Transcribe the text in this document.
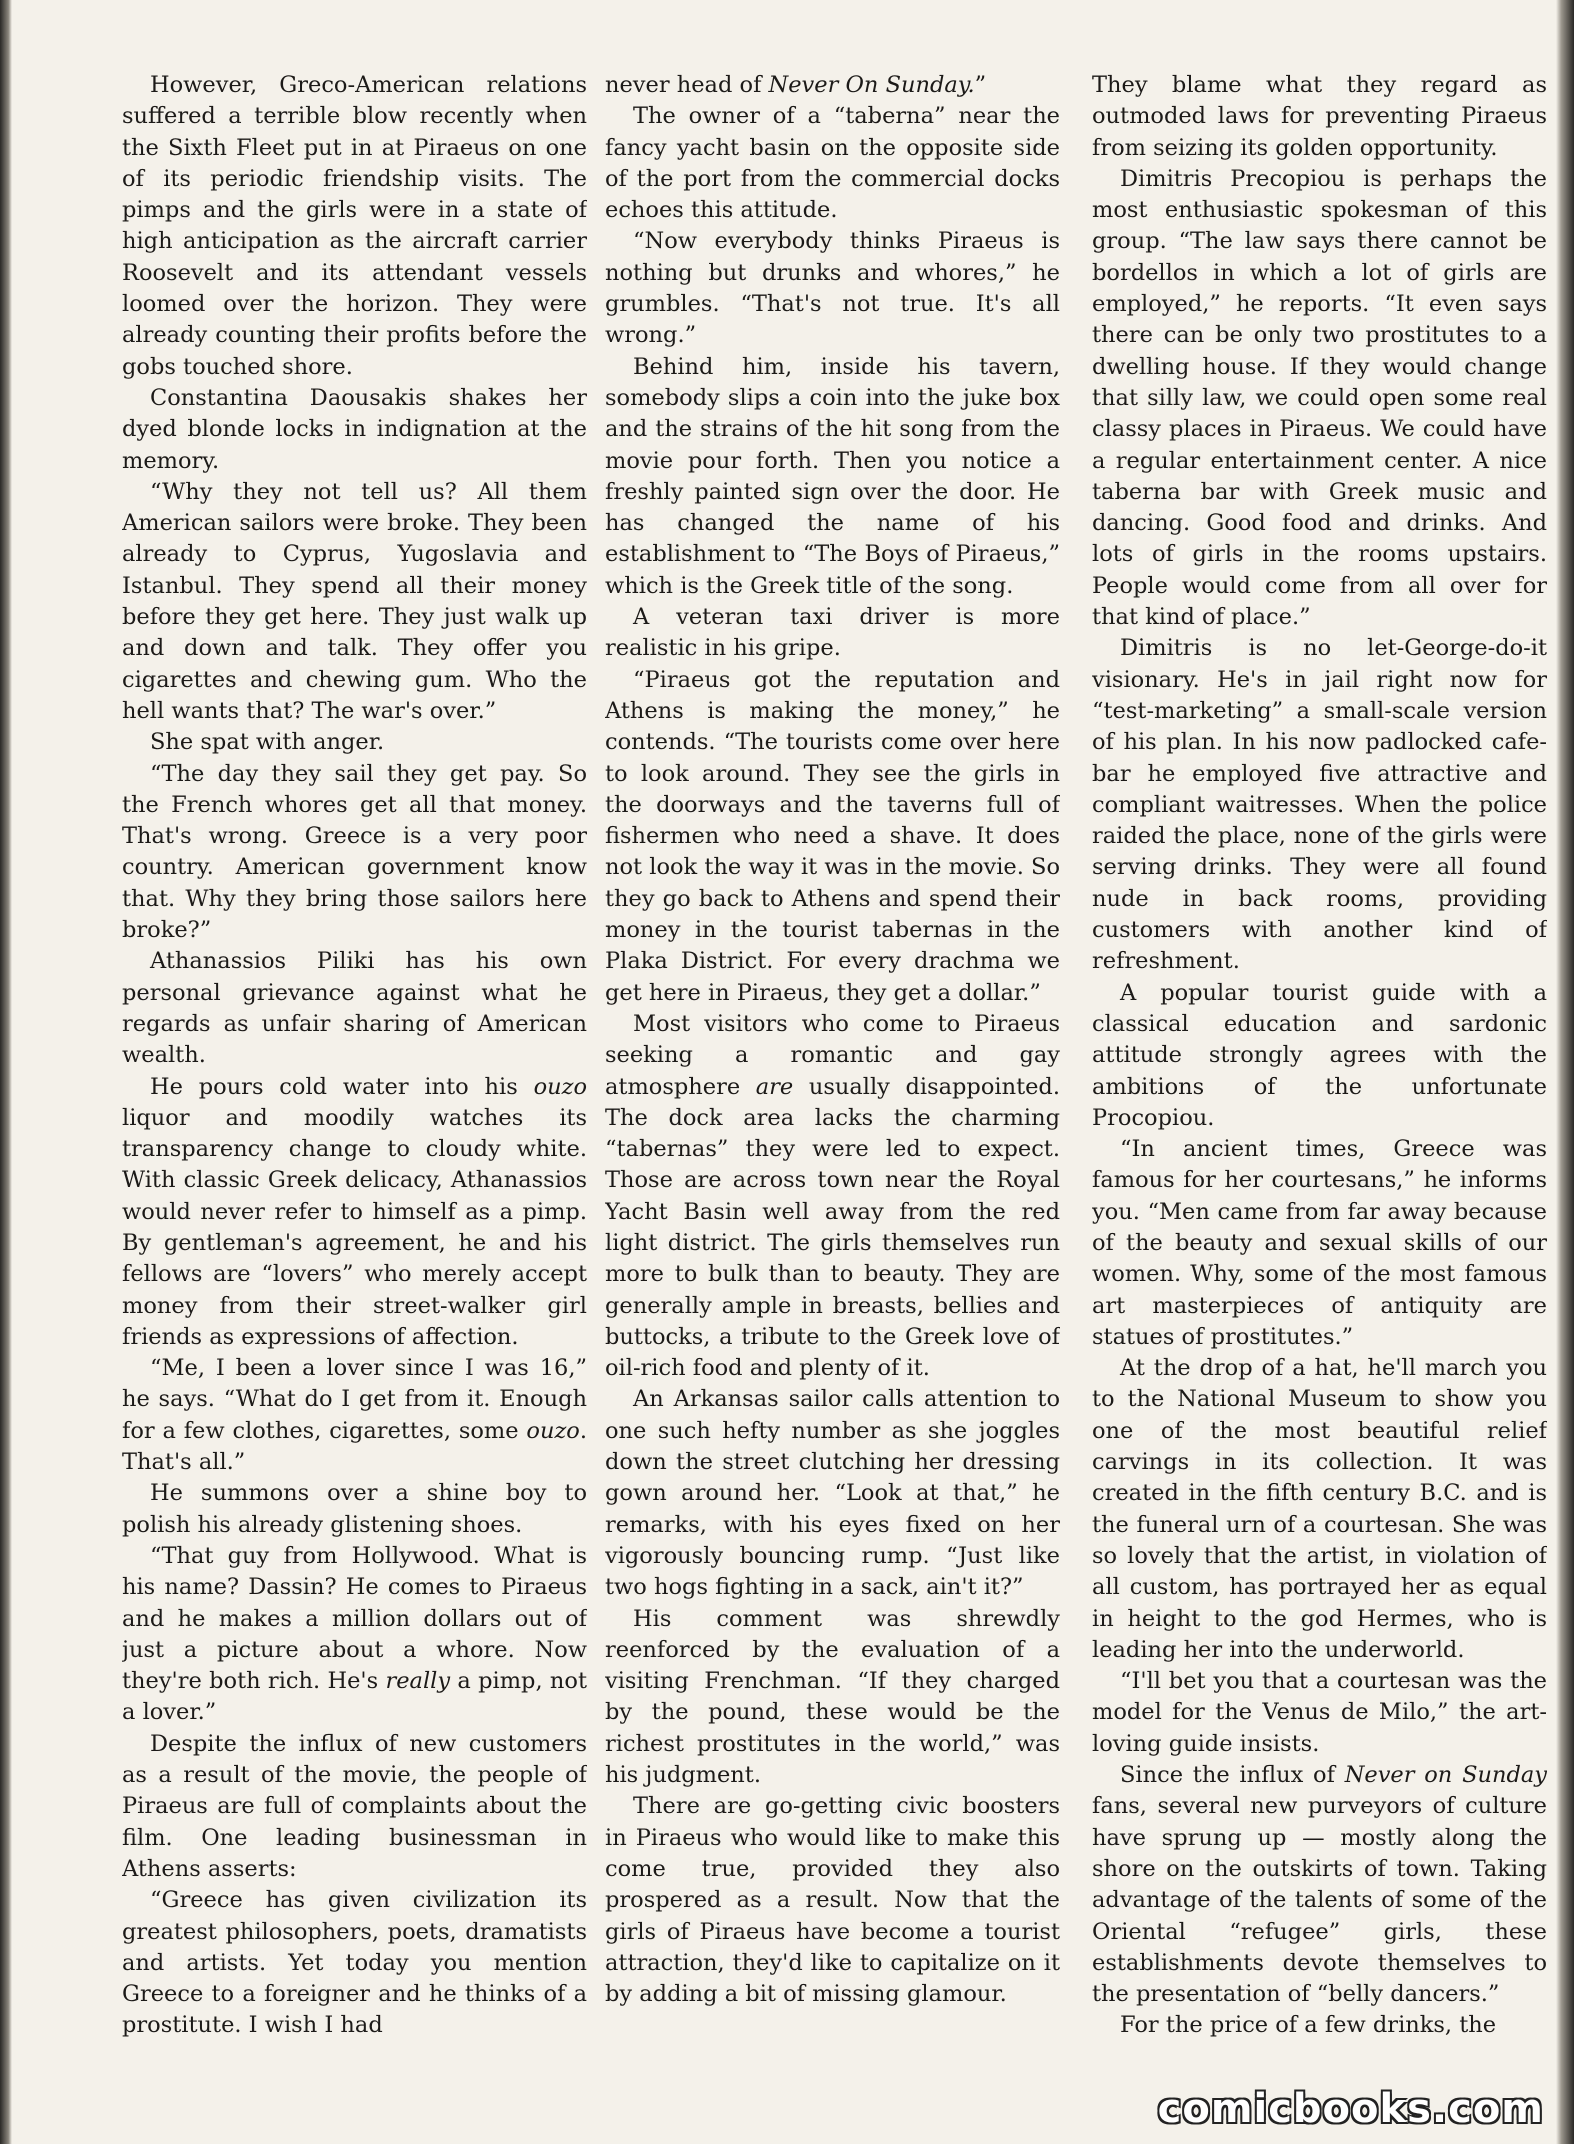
However, Greco-American relations suffered a terrible blow recently when the Sixth Fleet put in at Piraeus on one of its periodic friendship visits. The pimps and the girls were in a state of high anticipation as the aircraft carrier Roosevelt and its attendant vessels loomed over the horizon. They were already counting their profits before the gobs touched shore.

Constantina Daousakis shakes her dyed blonde locks in indignation at the memory.

“Why they not tell us? All them American sailors were broke. They been already to Cyprus, Yugoslavia and Istanbul. They spend all their money before they get here. They just walk up and down and talk. They offer you cigarettes and chewing gum. Who the hell wants that? The war's over.”

She spat with anger.

“The day they sail they get pay. So the French whores get all that money. That's wrong. Greece is a very poor country. American government know that. Why they bring those sailors here broke?”

Athanassios Piliki has his own personal grievance against what he regards as unfair sharing of American wealth.

He pours cold water into his ouzo liquor and moodily watches its transparency change to cloudy white. With classic Greek delicacy, Athanassios would never refer to himself as a pimp. By gentleman's agreement, he and his fellows are “lovers” who merely accept money from their street-walker girl friends as expressions of affection.

“Me, I been a lover since I was 16,” he says. “What do I get from it. Enough for a few clothes, cigarettes, some ouzo. That's all.”

He summons over a shine boy to polish his already glistening shoes.

“That guy from Hollywood. What is his name? Dassin? He comes to Piraeus and he makes a million dollars out of just a picture about a whore. Now they're both rich. He's really a pimp, not a lover.”

Despite the influx of new customers as a result of the movie, the people of Piraeus are full of complaints about the film. One leading businessman in Athens asserts:

“Greece has given civilization its greatest philosophers, poets, dramatists and artists. Yet today you mention Greece to a foreigner and he thinks of a prostitute. I wish I had

never head of Never On Sunday.”

The owner of a “taberna” near the fancy yacht basin on the opposite side of the port from the commercial docks echoes this attitude.

“Now everybody thinks Piraeus is nothing but drunks and whores,” he grumbles. “That's not true. It's all wrong.”

Behind him, inside his tavern, somebody slips a coin into the juke box and the strains of the hit song from the movie pour forth. Then you notice a freshly painted sign over the door. He has changed the name of his establishment to “The Boys of Piraeus,” which is the Greek title of the song.

A veteran taxi driver is more realistic in his gripe.

“Piraeus got the reputation and Athens is making the money,” he contends. “The tourists come over here to look around. They see the girls in the doorways and the taverns full of fishermen who need a shave. It does not look the way it was in the movie. So they go back to Athens and spend their money in the tourist tabernas in the Plaka District. For every drachma we get here in Piraeus, they get a dollar.”

Most visitors who come to Piraeus seeking a romantic and gay atmosphere are usually disappointed. The dock area lacks the charming “tabernas” they were led to expect. Those are across town near the Royal Yacht Basin well away from the red light district. The girls themselves run more to bulk than to beauty. They are generally ample in breasts, bellies and buttocks, a tribute to the Greek love of oil-rich food and plenty of it.

An Arkansas sailor calls attention to one such hefty number as she joggles down the street clutching her dressing gown around her. “Look at that,” he remarks, with his eyes fixed on her vigorously bouncing rump. “Just like two hogs fighting in a sack, ain't it?”

His comment was shrewdly reenforced by the evaluation of a visiting Frenchman. “If they charged by the pound, these would be the richest prostitutes in the world,” was his judgment.

There are go-getting civic boosters in Piraeus who would like to make this come true, provided they also prospered as a result. Now that the girls of Piraeus have become a tourist attraction, they'd like to capitalize on it by adding a bit of missing glamour.

They blame what they regard as outmoded laws for preventing Piraeus from seizing its golden opportunity.

Dimitris Precopiou is perhaps the most enthusiastic spokesman of this group. “The law says there cannot be bordellos in which a lot of girls are employed,” he reports. “It even says there can be only two prostitutes to a dwelling house. If they would change that silly law, we could open some real classy places in Piraeus. We could have a regular entertainment center. A nice taberna bar with Greek music and dancing. Good food and drinks. And lots of girls in the rooms upstairs. People would come from all over for that kind of place.”

Dimitris is no let-George-do-it visionary. He's in jail right now for “test-marketing” a small-scale version of his plan. In his now padlocked cafe-bar he employed five attractive and compliant waitresses. When the police raided the place, none of the girls were serving drinks. They were all found nude in back rooms, providing customers with another kind of refreshment.

A popular tourist guide with a classical education and sardonic attitude strongly agrees with the ambitions of the unfortunate Procopiou.

“In ancient times, Greece was famous for her courtesans,” he informs you. “Men came from far away because of the beauty and sexual skills of our women. Why, some of the most famous art masterpieces of antiquity are statues of prostitutes.”

At the drop of a hat, he'll march you to the National Museum to show you one of the most beautiful relief carvings in its collection. It was created in the fifth century B.C. and is the funeral urn of a courtesan. She was so lovely that the artist, in violation of all custom, has portrayed her as equal in height to the god Hermes, who is leading her into the underworld.

“I'll bet you that a courtesan was the model for the Venus de Milo,” the art-loving guide insists.

Since the influx of Never on Sunday fans, several new purveyors of culture have sprung up — mostly along the shore on the outskirts of town. Taking advantage of the talents of some of the Oriental “refugee” girls, these establishments devote themselves to the presentation of “belly dancers.”

For the price of a few drinks, the

comicbooks.com
